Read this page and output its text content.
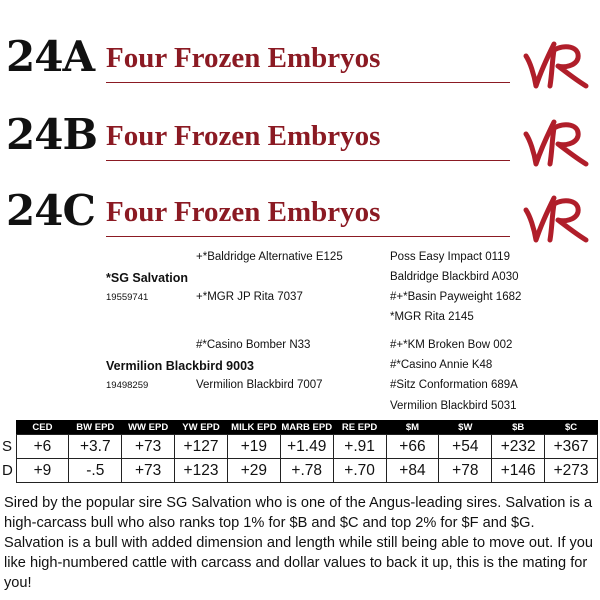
24A Four Frozen Embryos
24B Four Frozen Embryos
24C Four Frozen Embryos
+*Baldridge Alternative E125
*SG Salvation
19559741	+*MGR JP Rita 7037
Poss Easy Impact 0119
Baldridge Blackbird A030
#+*Basin Payweight 1682
*MGR Rita 2145
#*Casino Bomber N33
Vermilion Blackbird 9003
19498259	Vermilion Blackbird 7007
#+*KM Broken Bow 002
#*Casino Annie K48
#Sitz Conformation 689A
Vermilion Blackbird 5031
	CED	BW EPD	WW EPD	YW EPD	MILK EPD	MARB EPD	RE EPD	$M	$W	$B	$C
S	+6	+3.7	+73	+127	+19	+1.49	+.91	+66	+54	+232	+367
D	+9	-.5	+73	+123	+29	+.78	+.70	+84	+78	+146	+273

Sired by the popular sire SG Salvation who is one of the Angus-leading sires. Salvation is a high-carcass bull who also ranks top 1% for $B and $C and top 2% for $F and $G. Salvation is a bull with added dimension and length while still being able to move out. If you like high-numbered cattle with carcass and dollar values to back it up, this is the mating for you!
